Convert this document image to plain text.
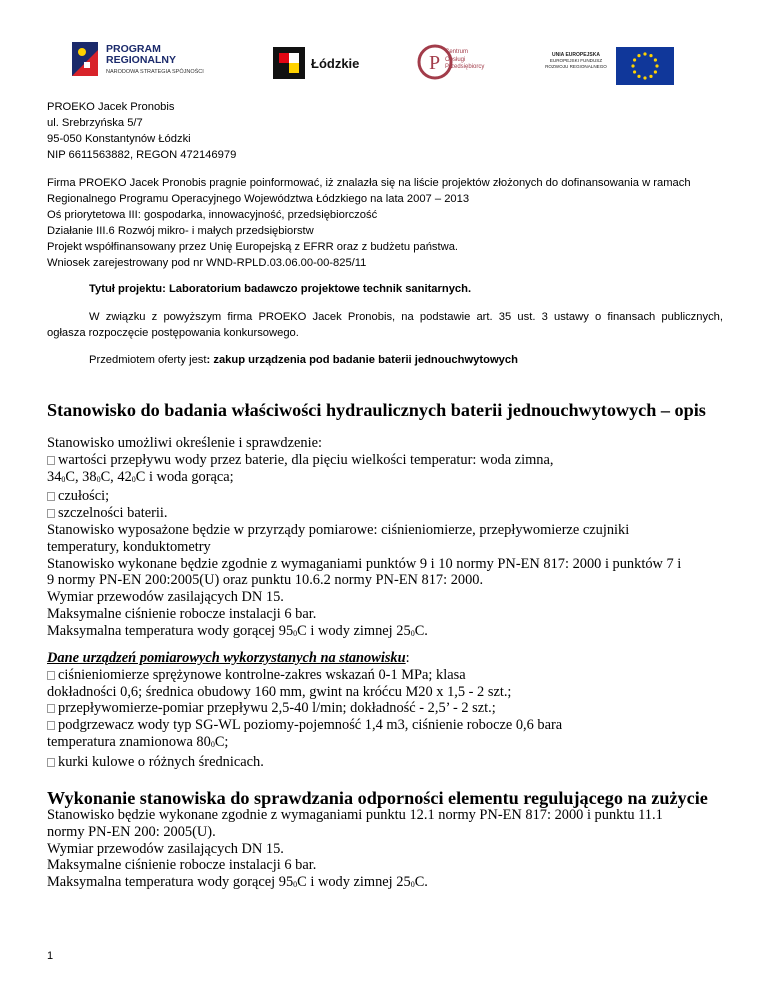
PROGRAM
REGIONALNY
NARODOWA STRATEGIA SPÓJNOŚCI
Łódzkie	P Centrum
Obsługi
Przedsiębiorcy
UNIA EUROPEJSKA
EUROPEJSKI FUNDUSZ
ROZWOJU REGIONALNEGO
PROEKO Jacek Pronobis
ul. Srebrzyńska 5/7
95-050 Konstantynów Łódzki
NIP 6611563882, REGON 472146979
Firma PROEKO Jacek Pronobis pragnie poinformować, iż znalazła się na liście projektów złożonych do dofinansowania w ramach
Regionalnego Programu Operacyjnego Województwa Łódzkiego na lata 2007 – 2013
Oś priorytetowa III: gospodarka, innowacyjność, przedsiębiorczość
Działanie III.6 Rozwój mikro- i małych przedsiębiorstw
Projekt współfinansowany przez Unię Europejską z EFRR oraz z budżetu państwa.
Wniosek zarejestrowany pod nr WND-RPLD.03.06.00-00-825/11
Tytuł projektu: Laboratorium badawczo projektowe technik sanitarnych.
W związku z powyższym firma PROEKO Jacek Pronobis, na podstawie art. 35 ust. 3 ustawy o finansach publicznych,
ogłasza rozpoczęcie postępowania konkursowego.
Przedmiotem oferty jest: zakup urządzenia pod badanie baterii jednouchwytowych
Stanowisko do badania właściwości hydraulicznych baterii jednouchwytowych – opis
Stanowisko umożliwi określenie i sprawdzenie:
wartości przepływu wody przez baterie, dla pięciu wielkości temperatur: woda zimna,
$34_0C$, $38_0C$, $42_0C$ i woda gorąca;
czułości;
szczelności baterii.
Stanowisko wyposażone będzie w przyrządy pomiarowe: ciśnieniomierze, przepływomierze czujniki
temperatury, konduktometry
Stanowisko wykonane będzie zgodnie z wymaganiami punktów 9 i 10 normy PN-EN 817: 2000 i punktów 7 i
9 normy PN-EN 200:2005(U) oraz punktu 10.6.2 normy PN-EN 817: 2000.
Wymiar przewodów zasilających DN 15.
Maksymalne ciśnienie robocze instalacji 6 bar.
Maksymalna temperatura wody gorącej $95_0C$ i wody zimnej $25_0C$.
Dane urządzeń pomiarowych wykorzystanych na stanowisku:
ciśnieniomierze sprężynowe kontrolne-zakres wskazań 0-1 MPa; klasa
dokładności 0,6; średnica obudowy 160 mm, gwint na króćcu M20 x 1,5 - 2 szt.;
przepływomierze-pomiar przepływu 2,5-40 l/min; dokładność - 2,5’ - 2 szt.;
podgrzewacz wody typ SG-WL poziomy-pojemność 1,4 m3, ciśnienie robocze 0,6 bara
temperatura znamionowa $80_0C$;
kurki kulowe o różnych średnicach.
Wykonanie stanowiska do sprawdzania odporności elementu regulującego na zużycie
Stanowisko będzie wykonane zgodnie z wymaganiami punktu 12.1 normy PN-EN 817: 2000 i punktu 11.1
normy PN-EN 200: 2005(U).
Wymiar przewodów zasilających DN 15.
Maksymalne ciśnienie robocze instalacji 6 bar.
Maksymalna temperatura wody gorącej $95_0C$ i wody zimnej $25_0C$.
1
